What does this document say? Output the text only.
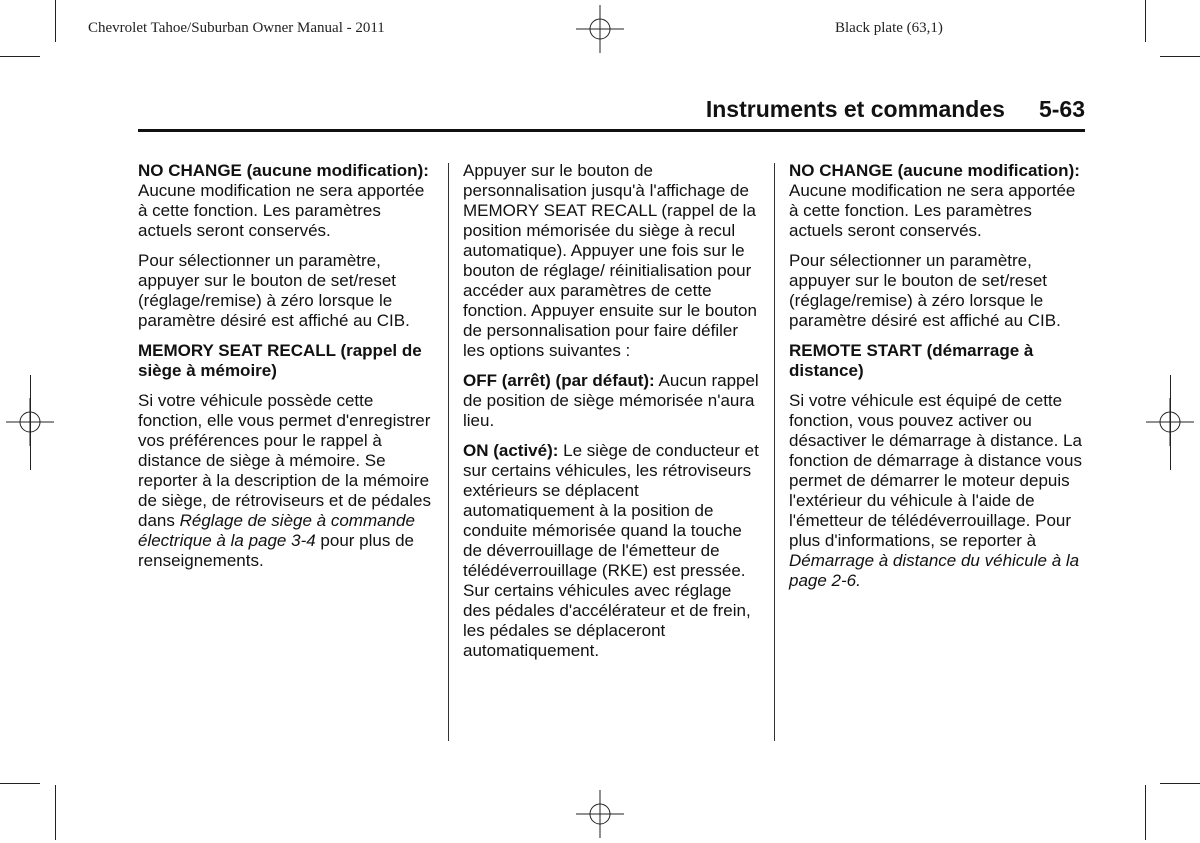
Chevrolet Tahoe/Suburban Owner Manual - 2011	Black plate (63,1)
Instruments et commandes 5-63

NO CHANGE (aucune modification): Aucune modification ne sera apportée à cette fonction. Les paramètres actuels seront conservés.

Pour sélectionner un paramètre, appuyer sur le bouton de set/reset (réglage/remise) à zéro lorsque le paramètre désiré est affiché au CIB.

MEMORY SEAT RECALL (rappel de siège à mémoire)

Si votre véhicule possède cette fonction, elle vous permet d'enregistrer vos préférences pour le rappel à distance de siège à mémoire. Se reporter à la description de la mémoire de siège, de rétroviseurs et de pédales dans Réglage de siège à commande électrique à la page 3-4 pour plus de renseignements.

Appuyer sur le bouton de personnalisation jusqu'à l'affichage de MEMORY SEAT RECALL (rappel de la position mémorisée du siège à recul automatique). Appuyer une fois sur le bouton de réglage/ réinitialisation pour accéder aux paramètres de cette fonction. Appuyer ensuite sur le bouton de personnalisation pour faire défiler les options suivantes :

OFF (arrêt) (par défaut): Aucun rappel de position de siège mémorisée n'aura lieu.

ON (activé): Le siège de conducteur et sur certains véhicules, les rétroviseurs extérieurs se déplacent automatiquement à la position de conduite mémorisée quand la touche de déverrouillage de l'émetteur de télédéverrouillage (RKE) est pressée. Sur certains véhicules avec réglage des pédales d'accélérateur et de frein, les pédales se déplaceront automatiquement.

NO CHANGE (aucune modification): Aucune modification ne sera apportée à cette fonction. Les paramètres actuels seront conservés.

Pour sélectionner un paramètre, appuyer sur le bouton de set/reset (réglage/remise) à zéro lorsque le paramètre désiré est affiché au CIB.

REMOTE START (démarrage à distance)

Si votre véhicule est équipé de cette fonction, vous pouvez activer ou désactiver le démarrage à distance. La fonction de démarrage à distance vous permet de démarrer le moteur depuis l'extérieur du véhicule à l'aide de l'émetteur de télédéverrouillage. Pour plus d'informations, se reporter à Démarrage à distance du véhicule à la page 2-6.
